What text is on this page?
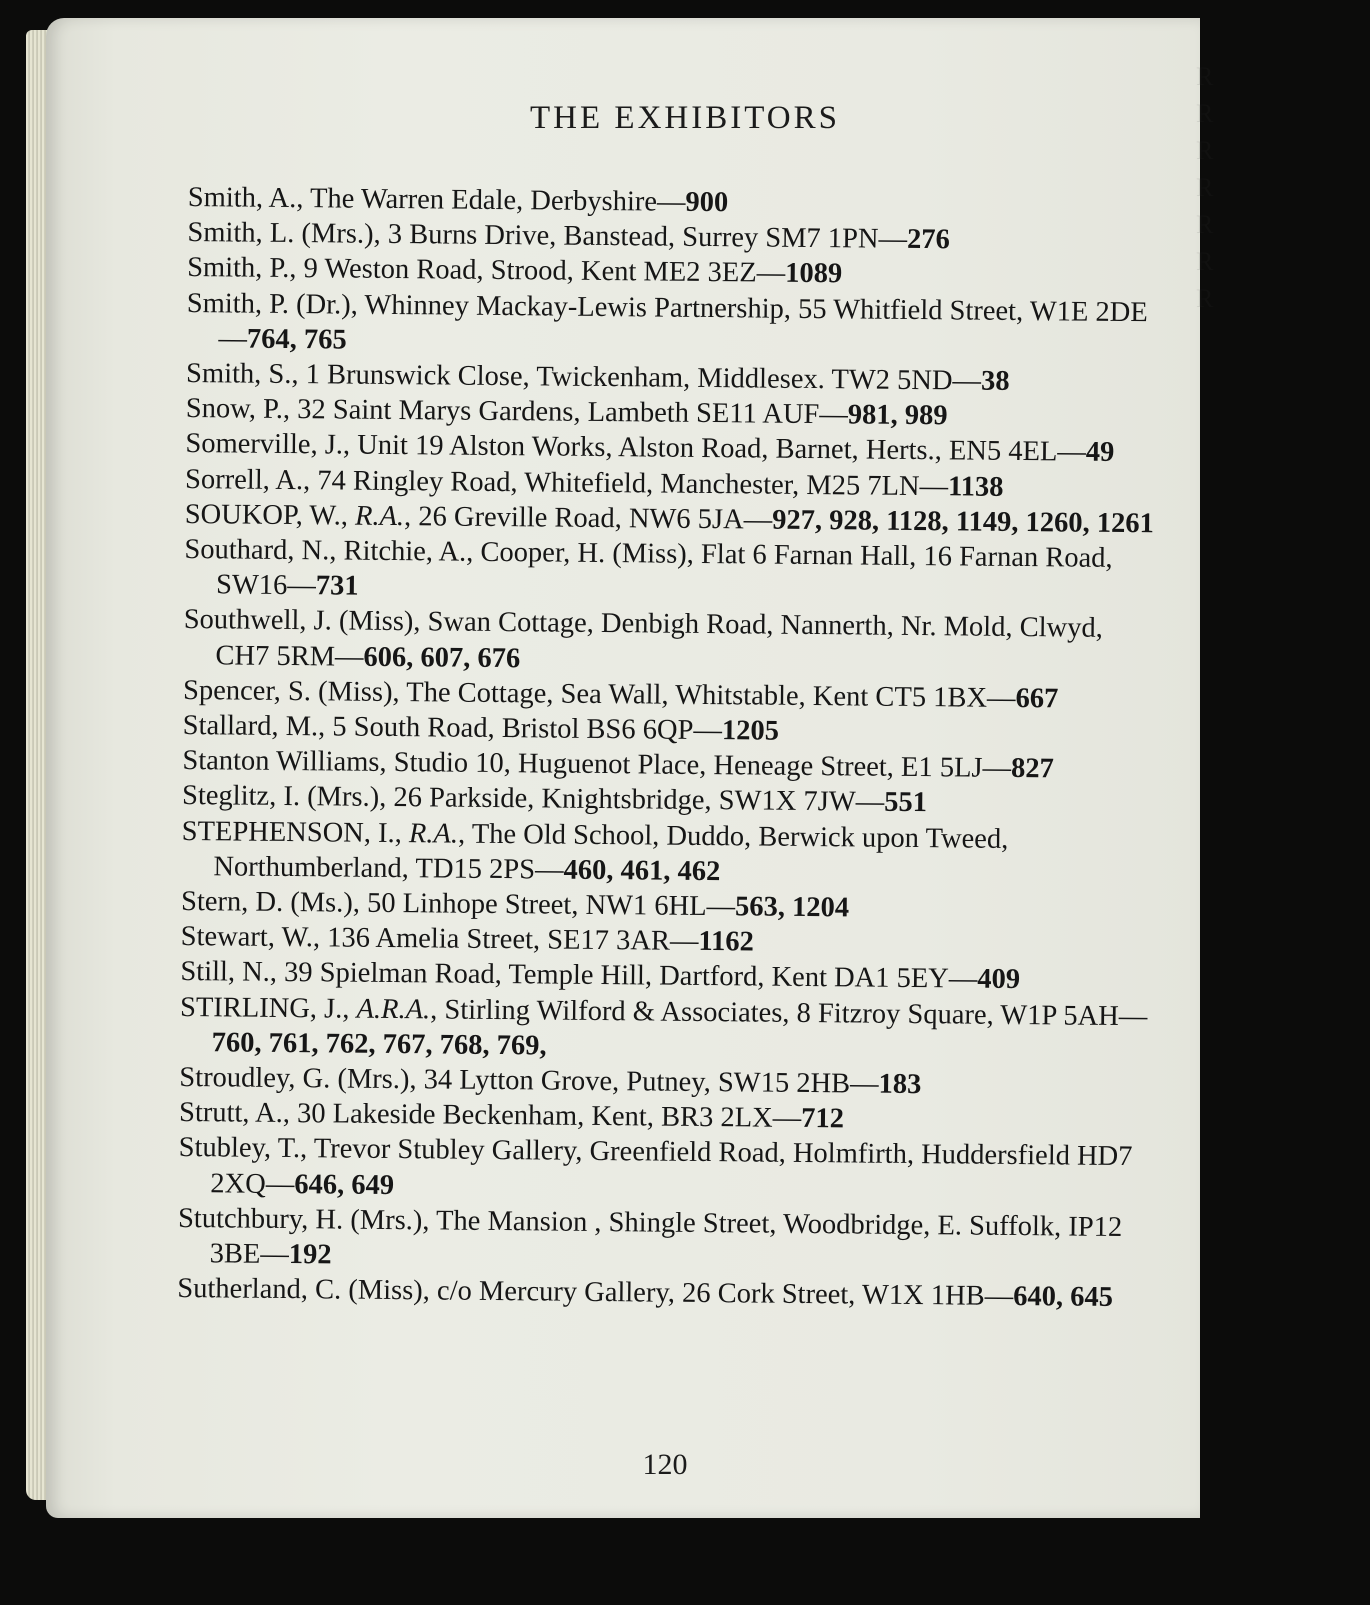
R
R
R
R
R
R
R
THE EXHIBITORS

Smith, A., The Warren Edale, Derbyshire—900

Smith, L. (Mrs.), 3 Burns Drive, Banstead, Surrey SM7 1PN—276

Smith, P., 9 Weston Road, Strood, Kent ME2 3EZ—1089

Smith, P. (Dr.), Whinney Mackay-Lewis Partnership, 55 Whitfield Street, W1E 2DE—764, 765

Smith, S., 1 Brunswick Close, Twickenham, Middlesex. TW2 5ND—38

Snow, P., 32 Saint Marys Gardens, Lambeth SE11 AUF—981, 989

Somerville, J., Unit 19 Alston Works, Alston Road, Barnet, Herts., EN5 4EL—49

Sorrell, A., 74 Ringley Road, Whitefield, Manchester, M25 7LN—1138

SOUKOP, W., R.A., 26 Greville Road, NW6 5JA—927, 928, 1128, 1149, 1260, 1261

Southard, N., Ritchie, A., Cooper, H. (Miss), Flat 6 Farnan Hall, 16 Farnan Road, SW16—731

Southwell, J. (Miss), Swan Cottage, Denbigh Road, Nannerth, Nr. Mold, Clwyd, CH7 5RM—606, 607, 676

Spencer, S. (Miss), The Cottage, Sea Wall, Whitstable, Kent CT5 1BX—667

Stallard, M., 5 South Road, Bristol BS6 6QP—1205

Stanton Williams, Studio 10, Huguenot Place, Heneage Street, E1 5LJ—827

Steglitz, I. (Mrs.), 26 Parkside, Knightsbridge, SW1X 7JW—551

STEPHENSON, I., R.A., The Old School, Duddo, Berwick upon Tweed, Northumberland, TD15 2PS—460, 461, 462

Stern, D. (Ms.), 50 Linhope Street, NW1 6HL—563, 1204

Stewart, W., 136 Amelia Street, SE17 3AR—1162

Still, N., 39 Spielman Road, Temple Hill, Dartford, Kent DA1 5EY—409

STIRLING, J., A.R.A., Stirling Wilford & Associates, 8 Fitzroy Square, W1P 5AH—760, 761, 762, 767, 768, 769,

Stroudley, G. (Mrs.), 34 Lytton Grove, Putney, SW15 2HB—183

Strutt, A., 30 Lakeside Beckenham, Kent, BR3 2LX—712

Stubley, T., Trevor Stubley Gallery, Greenfield Road, Holmfirth, Huddersfield HD7 2XQ—646, 649

Stutchbury, H. (Mrs.), The Mansion , Shingle Street, Woodbridge, E. Suffolk, IP12 3BE—192

Sutherland, C. (Miss), c/o Mercury Gallery, 26 Cork Street, W1X 1HB—640, 645

120
